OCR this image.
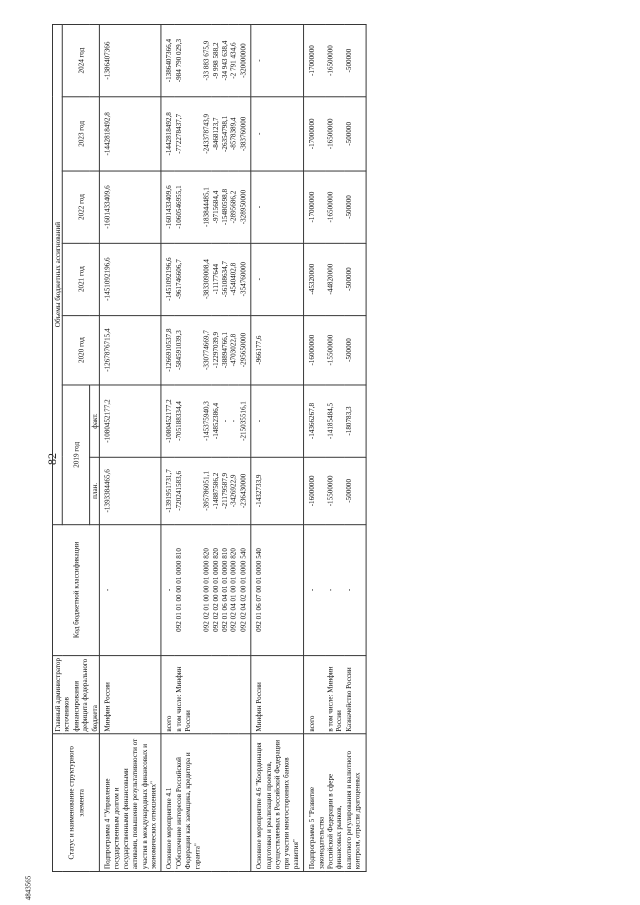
82
4843565
Статус и наименование структурного элемента	Главный администратор источников финансирования дефицита федерального бюджета	Код бюджетной классификации	Объемы бюджетных ассигнований						
			2019 год		2020 год	2021 год	2022 год	2023 год	2024 год
			план.	факт.					
Подпрограмма 4 "Управление государственным долгом и государственными финансовыми активами, повышение результативности от участия в международных финансовых и экономических отношениях"	Минфин России	-	-1393384465,6	-1080452177,2	-1267876715,4	-1451092196,6	-1601433409,6	-1442818492,8	-1386407366
Основное мероприятие 4.1	всего	-	-1391951731,7	-1080452177,2	-1266910537,8	-1451092196,6	-1601433409,6	-1442818492,8	-1386407366,4
"Обеспечение интересов Российской Федерации как заемщика, кредитора и гаранта"	в том числе: Минфин России	092 01 01 00 00 01 0000 810	-720241583,6	-705188334,4	-584591039,3	-961746606,7	-1060546955,1	-772278437,7	-984 790 029,3
		092 02 01 00 00 01 0000 820	-395786051,1	-145375940,3	-330774669,7	-383309008,4	-183844485,1	-243378743,9	-33 883 675,9
		092 02 02 00 00 01 0000 820	-14887586,2	-14852386,4	-12297039,9	-11177644	-9715684,4	-8468123,7	-9 998 588,2
		092 01 06 04 01 01 0000 810	-21179587,9	-	-38894766,1	-56108634,7	-15480598,8	-26354798,1	-34 943 638,4
		092 02 04 01 00 01 0000 820	-3426922,9	-	-4703022,8	-4540402,8	-2895686,2	-8578389,4	-2 791 434,6
		092 02 04 02 00 01 0000 540	-236430000	-215035516,1	-295650000	-354760000	-328950000	-383760000	-320000000
Основное мероприятие 4.6 "Координация подготовки и реализации проектов, осуществляемых в Российской Федерации при участии многосторонних банков развития"	Минфин России	092 01 06 07 00 01 0000 540	-1432733,9	-	-966177,6	-	-	-	-
Подпрограмма 5 "Развитие законодательства	всего	-	-16000000	-14366267,8	-16000000	-45320000	-17000000	-17000000	-17000000
Российской Федерации в сфере финансовых рынков,	в том числе: Минфин России	-	-15500000	-14185484,5	-15500000	-44820000	-16500000	-16500000	-16500000
валютного регулирования и валютного контроля, отрасли драгоценных	Казначейство России	-	-500000	-180783,3	-500000	-500000	-500000	-500000	-500000
